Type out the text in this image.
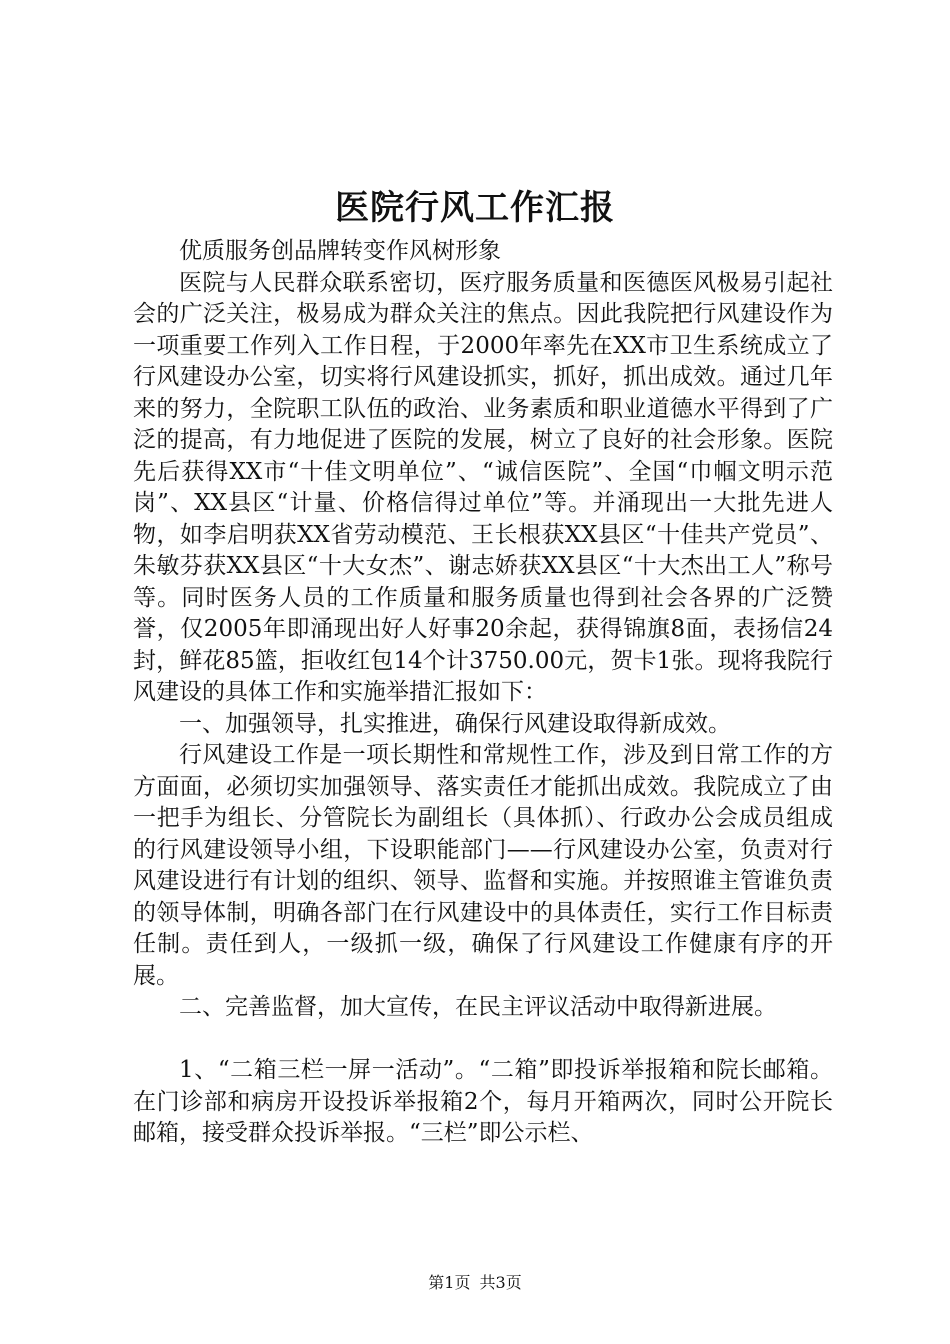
医院行风工作汇报

优质服务创品牌转变作风树形象

医院与人民群众联系密切，医疗服务质量和医德医风极易引起社会的广泛关注，极易成为群众关注的焦点。因此我院把行风建设作为一项重要工作列入工作日程，于2000年率先在XX市卫生系统成立了行风建设办公室，切实将行风建设抓实，抓好，抓出成效。通过几年来的努力，全院职工队伍的政治、业务素质和职业道德水平得到了广泛的提高，有力地促进了医院的发展，树立了良好的社会形象。医院先后获得XX市“十佳文明单位”、“诚信医院”、全国“巾帼文明示范岗”、XX县区“计量、价格信得过单位”等。并涌现出一大批先进人物，如李启明获XX省劳动模范、王长根获XX县区“十佳共产党员”、朱敏芬获XX县区“十大女杰”、谢志娇获XX县区“十大杰出工人”称号等。同时医务人员的工作质量和服务质量也得到社会各界的广泛赞誉，仅2005年即涌现出好人好事20余起，获得锦旗8面，表扬信24封，鲜花85篮，拒收红包14个计3750.00元，贺卡1张。现将我院行风建设的具体工作和实施举措汇报如下：

一、加强领导，扎实推进，确保行风建设取得新成效。

行风建设工作是一项长期性和常规性工作，涉及到日常工作的方方面面，必须切实加强领导、落实责任才能抓出成效。我院成立了由一把手为组长、分管院长为副组长（具体抓）、行政办公会成员组成的行风建设领导小组，下设职能部门——行风建设办公室，负责对行风建设进行有计划的组织、领导、监督和实施。并按照谁主管谁负责的领导体制，明确各部门在行风建设中的具体责任，实行工作目标责任制。责任到人，一级抓一级，确保了行风建设工作健康有序的开展。

二、完善监督，加大宣传，在民主评议活动中取得新进展。

1、“二箱三栏一屏一活动”。“二箱”即投诉举报箱和院长邮箱。在门诊部和病房开设投诉举报箱2个，每月开箱两次，同时公开院长邮箱，接受群众投诉举报。“三栏”即公示栏、

第1页 共3页
